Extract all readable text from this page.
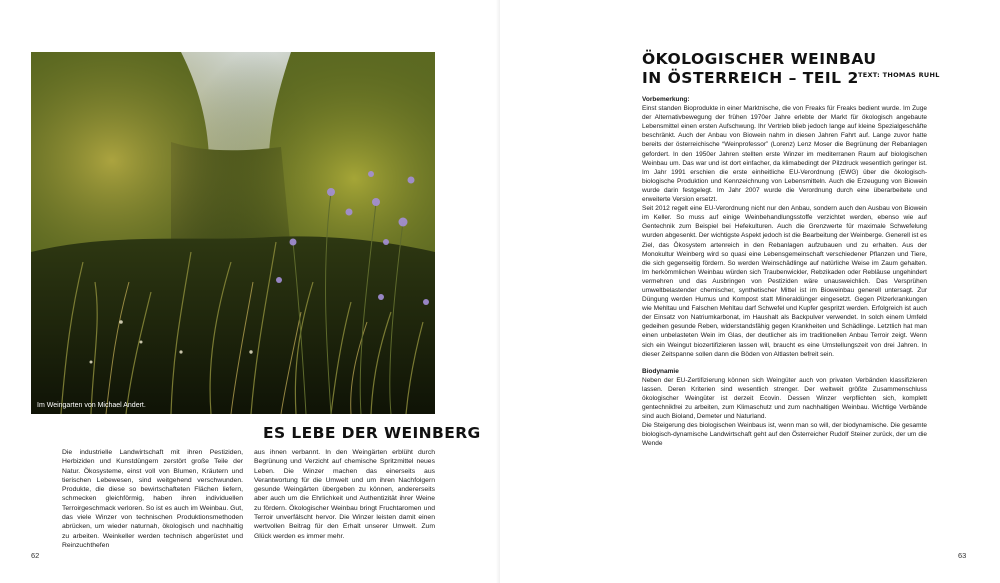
Im Weingarten von Michael Andert.
ES LEBE DER WEINBERG
Die industrielle Landwirtschaft mit ihren Pestiziden, Herbiziden und Kunstdüngern zerstört große Teile der Natur. Ökosysteme, einst voll von Blumen, Kräutern und tierischen Lebewesen, sind weitgehend verschwunden. Produkte, die diese so bewirtschafteten Flächen liefern, schmecken gleichförmig, haben ihren individuellen Terroirgeschmack verloren. So ist es auch im Weinbau. Gut, das viele Winzer von technischen Produktionsmethoden abrücken, um wieder naturnah, ökologisch und nachhaltig zu arbeiten. Weinkeller werden technisch abgerüstet und Reinzuchthefen
aus ihnen verbannt. In den Weingärten erblüht durch Begrünung und Verzicht auf chemische Spritzmittel neues Leben. Die Winzer machen das einerseits aus Verantwortung für die Umwelt und um ihren Nachfolgern gesunde Weingärten übergeben zu können, andererseits aber auch um die Ehrlichkeit und Authentizität ihrer Weine zu fördern. Ökologischer Weinbau bringt Fruchtaromen und Terroir unverfälscht hervor. Die Winzer leisten damit einen wertvollen Beitrag für den Erhalt unserer Umwelt. Zum Glück werden es immer mehr.
62
ÖKOLOGISCHER WEINBAU
IN ÖSTERREICH – TEIL 2 TEXT: THOMAS RUHL

Vorbemerkung:

Einst standen Bioprodukte in einer Marktnische, die von Freaks für Freaks bedient wurde. Im Zuge der Alternativbewegung der frühen 1970er Jahre erlebte der Markt für ökologisch angebaute Lebensmittel einen ersten Aufschwung. Ihr Vertrieb blieb jedoch lange auf kleine Spezialgeschäfte beschränkt. Auch der Anbau von Biowein nahm in diesen Jahren Fahrt auf. Lange zuvor hatte bereits der österreichische “Weinprofessor” (Lorenz) Lenz Moser die Begrünung der Rebanlagen gefordert. In den 1950er Jahren stellten erste Winzer im mediterranen Raum auf biologischen Weinbau um. Das war und ist dort einfacher, da klimabedingt der Pilzdruck wesentlich geringer ist. Im Jahr 1991 erschien die erste einheitliche EU-Verordnung (EWG) über die ökologisch-biologische Produktion und Kennzeichnung von Lebensmitteln. Auch die Erzeugung von Biowein wurde darin festgelegt. Im Jahr 2007 wurde die Verordnung durch eine überarbeitete und erweiterte Version ersetzt.

Seit 2012 regelt eine EU-Verordnung nicht nur den Anbau, sondern auch den Ausbau von Biowein im Keller. So muss auf einige Weinbehandlungsstoffe verzichtet werden, ebenso wie auf Gentechnik zum Beispiel bei Hefekulturen. Auch die Grenzwerte für maximale Schwefelung wurden abgesenkt. Der wichtigste Aspekt jedoch ist die Bearbeitung der Weinberge. Generell ist es Ziel, das Ökosystem artenreich in den Rebanlagen aufzubauen und zu erhalten. Aus der Monokultur Weinberg wird so quasi eine Lebensgemeinschaft verschiedener Pflanzen und Tiere, die sich gegenseitig fördern. So werden Weinschädlinge auf natürliche Weise im Zaum gehalten. Im herkömmlichen Weinbau würden sich Traubenwickler, Rebzikaden oder Rebläuse ungehindert vermehren und das Ausbringen von Pestiziden wäre unausweichlich. Das Versprühen umweltbelastender chemischer, synthetischer Mittel ist im Bioweinbau generell untersagt. Zur Düngung werden Humus und Kompost statt Mineraldünger eingesetzt. Gegen Pilzerkrankungen wie Mehltau und Falschen Mehltau darf Schwefel und Kupfer gespritzt werden. Erfolgreich ist auch der Einsatz von Natriumkarbonat, im Haushalt als Backpulver verwendet. In solch einem Umfeld gedeihen gesunde Reben, widerstandsfähig gegen Krankheiten und Schädlinge. Letztlich hat man einen unbelasteten Wein im Glas, der deutlicher als im traditionellen Anbau Terroir zeigt. Wenn sich ein Weingut biozertifizieren lassen will, braucht es eine Umstellungszeit von drei Jahren. In dieser Zeitspanne sollen dann die Böden von Altlasten befreit sein.

Biodynamie

Neben der EU-Zertifizierung können sich Weingüter auch von privaten Verbänden klassifizieren lassen. Deren Kriterien sind wesentlich strenger. Der weltweit größte Zusammenschluss ökologischer Weingüter ist derzeit Ecovin. Dessen Winzer verpflichten sich, komplett gentechnikfrei zu arbeiten, zum Klimaschutz und zum nachhaltigen Weinbau. Wichtige Verbände sind auch Bioland, Demeter und Naturland.

Die Steigerung des biologischen Weinbaus ist, wenn man so will, der biodynamische. Die gesamte biologisch-dynamische Landwirtschaft geht auf den Österreicher Rudolf Steiner zurück, der um die Wende

63
